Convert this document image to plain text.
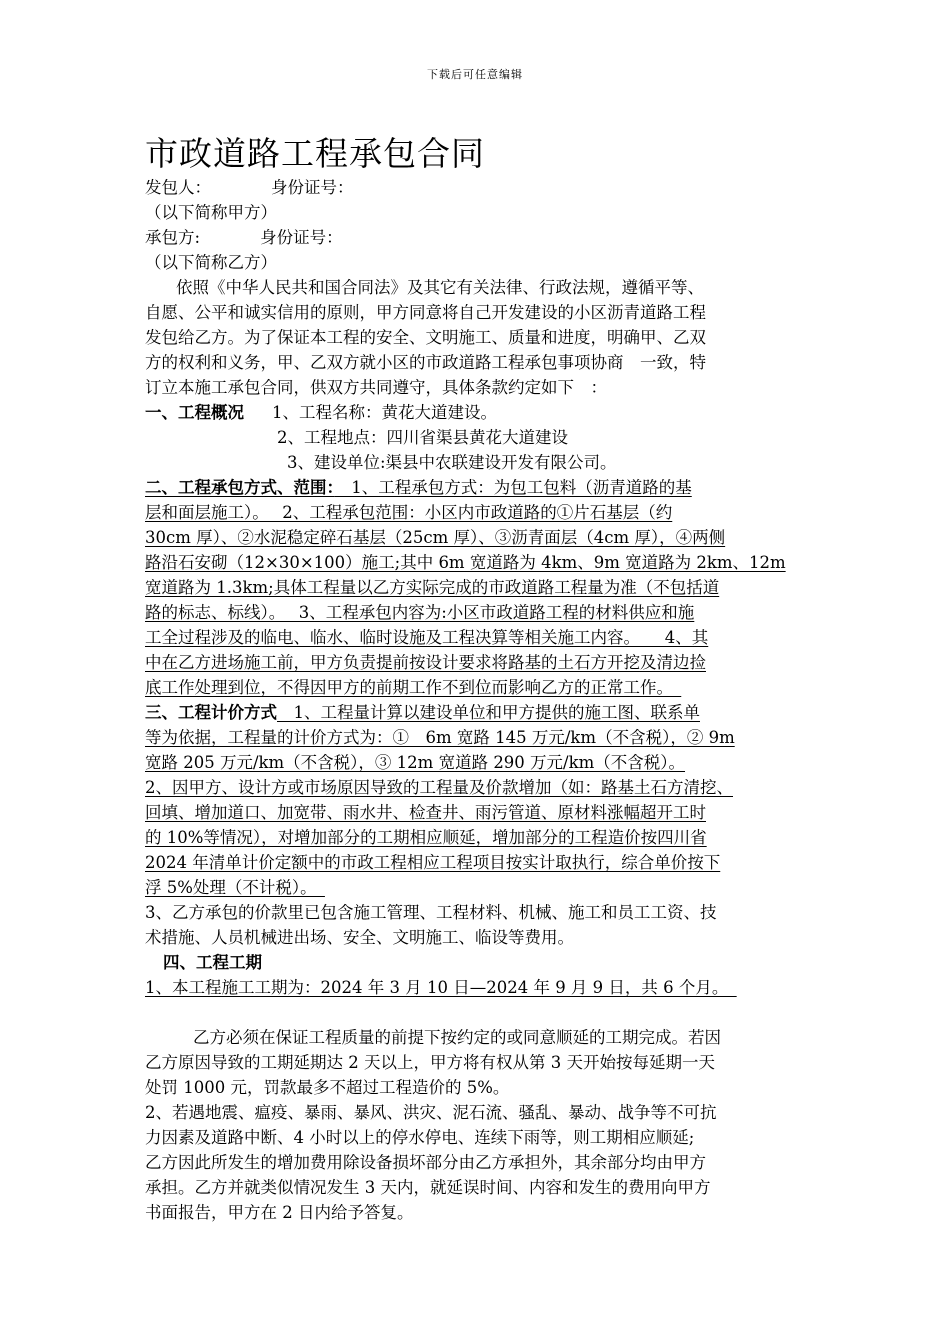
下载后可任意编辑
市政道路工程承包合同
发包人：	身份证号：
（以下简称甲方）
承包方:	身份证号：
（以下简称乙方）
依照《中华人民共和国合同法》及其它有关法律、行政法规，遵循平等、
自愿、公平和诚实信用的原则，甲方同意将自己开发建设的小区沥青道路工程
发包给乙方。为了保证本工程的安全、文明施工、质量和进度，明确甲、乙双
方的权利和义务，甲、乙双方就小区的市政道路工程承包事项协商　一致，特
订立本施工承包合同，供双方共同遵守，具体条款约定如下　：
一、工程概况 1、工程名称：黄花大道建设。
2、工程地点：四川省渠县黄花大道建设
3、建设单位:渠县中农联建设开发有限公司。
二、工程承包方式、范围：　1、工程承包方式：为包工包料（沥青道路的基
层和面层施工）。　 2、工程承包范围：小区内市政道路的①片石基层（约
30cm 厚）、②水泥稳定碎石基层（25cm 厚）、③沥青面层（4cm 厚），④两侧
路沿石安砌（12×30×100）施工;其中 6m 宽道路为 4km、9m 宽道路为 2km、12m
宽道路为 1.3km;具体工程量以乙方实际完成的市政道路工程量为准（不包括道
路的标志、标线）。　 3、工程承包内容为:小区市政道路工程的材料供应和施
工全过程涉及的临电、临水、临时设施及工程决算等相关施工内容。　　4、其
中在乙方进场施工前，甲方负责提前按设计要求将路基的土石方开挖及清边捡
底工作处理到位，不得因甲方的前期工作不到位而影响乙方的正常工作。　
三、工程计价方式　1、工程量计算以建设单位和甲方提供的施工图、联系单
等为依据，工程量的计价方式为：①　6m 宽路 145 万元/km（不含税），② 9m
宽路 205 万元/km（不含税），③ 12m 宽道路 290 万元/km（不含税）。
2、因甲方、设计方或市场原因导致的工程量及价款增加（如：路基土石方清挖、
回填、增加道口、加宽带、雨水井、检查井、雨污管道、原材料涨幅超开工时
的 10%等情况），对增加部分的工期相应顺延，增加部分的工程造价按四川省
2024 年清单计价定额中的市政工程相应工程项目按实计取执行，综合单价按下
浮 5%处理（不计税）。　
3、乙方承包的价款里已包含施工管理、工程材料、机械、施工和员工工资、技
术措施、人员机械进出场、安全、文明施工、临设等费用。
四、工程工期
1、本工程施工工期为：2024 年 3 月 10 日—2024 年 9 月 9 日，共 6 个月。　
　　乙方必须在保证工程质量的前提下按约定的或同意顺延的工期完成。若因
乙方原因导致的工期延期达 2 天以上，甲方将有权从第 3 天开始按每延期一天
处罚 1000 元，罚款最多不超过工程造价的 5%。
2、若遇地震、瘟疫、暴雨、暴风、洪灾、泥石流、骚乱、暴动、战争等不可抗
力因素及道路中断、4 小时以上的停水停电、连续下雨等，则工期相应顺延;
乙方因此所发生的增加费用除设备损坏部分由乙方承担外，其余部分均由甲方
承担。乙方并就类似情况发生 3 天内，就延误时间、内容和发生的费用向甲方
书面报告，甲方在 2 日内给予答复。
